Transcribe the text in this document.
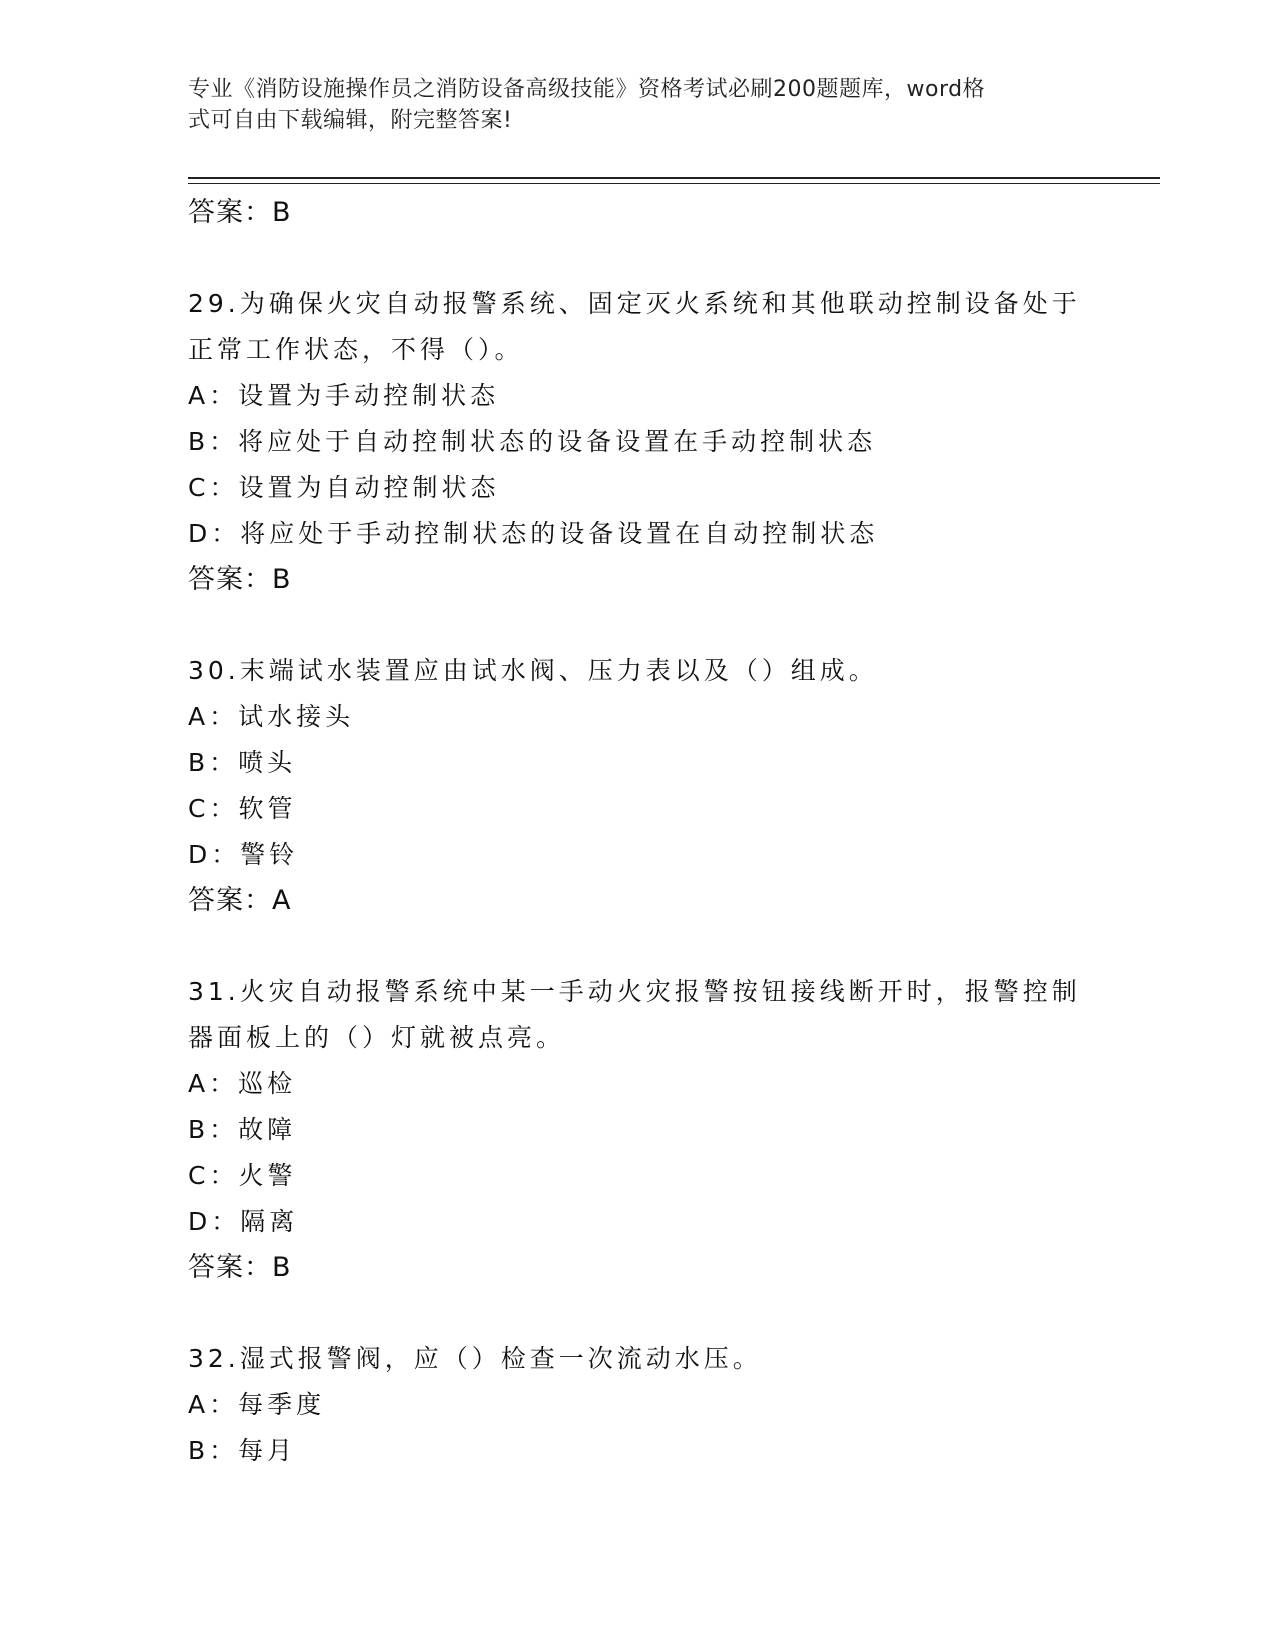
专业《消防设施操作员之消防设备高级技能》资格考试必刷200题题库，word格
式可自由下载编辑，附完整答案!
答案：B
29.为确保火灾自动报警系统、固定灭火系统和其他联动控制设备处于
正常工作状态，不得（）。
A：设置为手动控制状态
B：将应处于自动控制状态的设备设置在手动控制状态
C：设置为自动控制状态
D：将应处于手动控制状态的设备设置在自动控制状态
答案：B
30.末端试水装置应由试水阀、压力表以及（）组成。
A：试水接头
B：喷头
C：软管
D：警铃
答案：A
31.火灾自动报警系统中某一手动火灾报警按钮接线断开时，报警控制
器面板上的（）灯就被点亮。
A：巡检
B：故障
C：火警
D：隔离
答案：B
32.湿式报警阀，应（）检查一次流动水压。
A：每季度
B：每月
